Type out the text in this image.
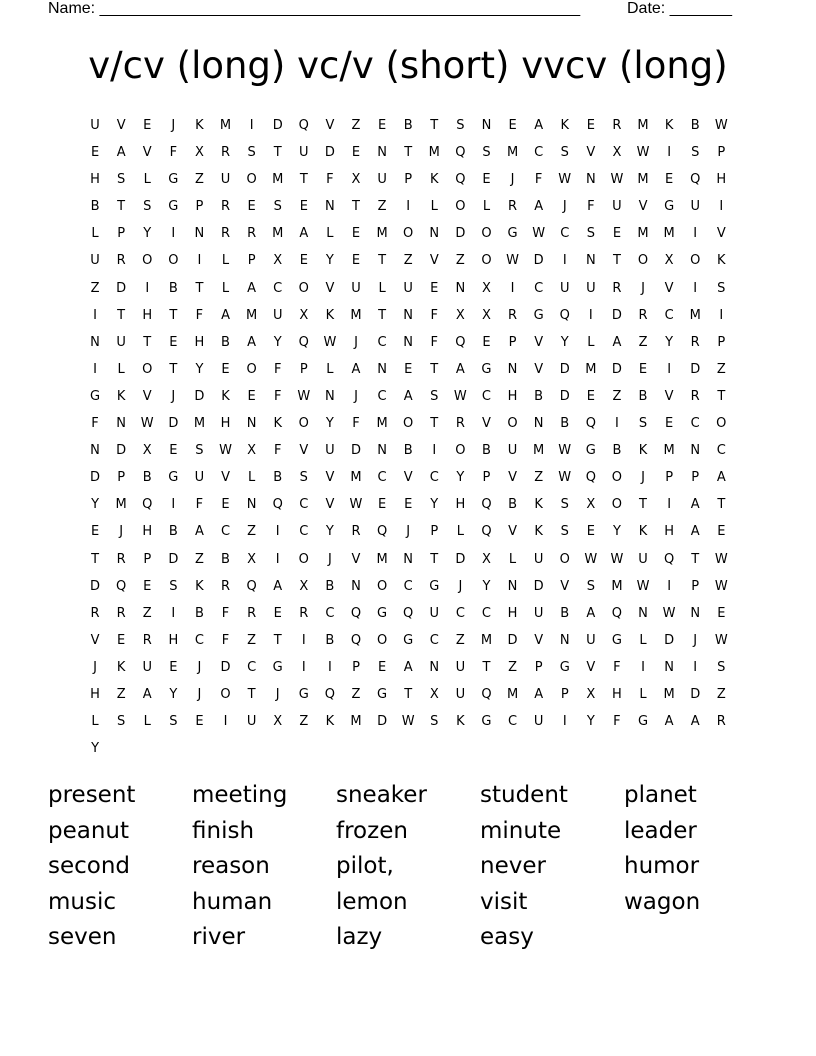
Name: ______________________________________________________	Date: _______
v/cv (long) vc/v (short) vvcv (long)
U	V	E	J	K	M	I	D	Q	V	Z	E	B	T	S	N	E	A	K	E	R	M	K	B	W
E	A	V	F	X	R	S	T	U	D	E	N	T	M	Q	S	M	C	S	V	X	W	I	S	P
H	S	L	G	Z	U	O	M	T	F	X	U	P	K	Q	E	J	F	W	N	W	M	E	Q	H
B	T	S	G	P	R	E	S	E	N	T	Z	I	L	O	L	R	A	J	F	U	V	G	U	I
L	P	Y	I	N	R	R	M	A	L	E	M	O	N	D	O	G	W	C	S	E	M	M	I	V
U	R	O	O	I	L	P	X	E	Y	E	T	Z	V	Z	O	W	D	I	N	T	O	X	O	K
Z	D	I	B	T	L	A	C	O	V	U	L	U	E	N	X	I	C	U	U	R	J	V	I	S
I	T	H	T	F	A	M	U	X	K	M	T	N	F	X	X	R	G	Q	I	D	R	C	M	I
N	U	T	E	H	B	A	Y	Q	W	J	C	N	F	Q	E	P	V	Y	L	A	Z	Y	R	P
I	L	O	T	Y	E	O	F	P	L	A	N	E	T	A	G	N	V	D	M	D	E	I	D	Z
G	K	V	J	D	K	E	F	W	N	J	C	A	S	W	C	H	B	D	E	Z	B	V	R	T
F	N	W	D	M	H	N	K	O	Y	F	M	O	T	R	V	O	N	B	Q	I	S	E	C	O
N	D	X	E	S	W	X	F	V	U	D	N	B	I	O	B	U	M	W	G	B	K	M	N	C
D	P	B	G	U	V	L	B	S	V	M	C	V	C	Y	P	V	Z	W	Q	O	J	P	P	A
Y	M	Q	I	F	E	N	Q	C	V	W	E	E	Y	H	Q	B	K	S	X	O	T	I	A	T
E	J	H	B	A	C	Z	I	C	Y	R	Q	J	P	L	Q	V	K	S	E	Y	K	H	A	E
T	R	P	D	Z	B	X	I	O	J	V	M	N	T	D	X	L	U	O	W	W	U	Q	T	W
D	Q	E	S	K	R	Q	A	X	B	N	O	C	G	J	Y	N	D	V	S	M	W	I	P	W
R	R	Z	I	B	F	R	E	R	C	Q	G	Q	U	C	C	H	U	B	A	Q	N	W	N	E
V	E	R	H	C	F	Z	T	I	B	Q	O	G	C	Z	M	D	V	N	U	G	L	D	J	W
J	K	U	E	J	D	C	G	I	I	P	E	A	N	U	T	Z	P	G	V	F	I	N	I	S
H	Z	A	Y	J	O	T	J	G	Q	Z	G	T	X	U	Q	M	A	P	X	H	L	M	D	Z
L	S	L	S	E	I	U	X	Z	K	M	D	W	S	K	G	C	U	I	Y	F	G	A	A	R
Y
present	meeting	sneaker	student	planet
peanut	finish	frozen	minute	leader
second	reason	pilot,	never	humor
music	human	lemon	visit	wagon
seven	river	lazy	easy
